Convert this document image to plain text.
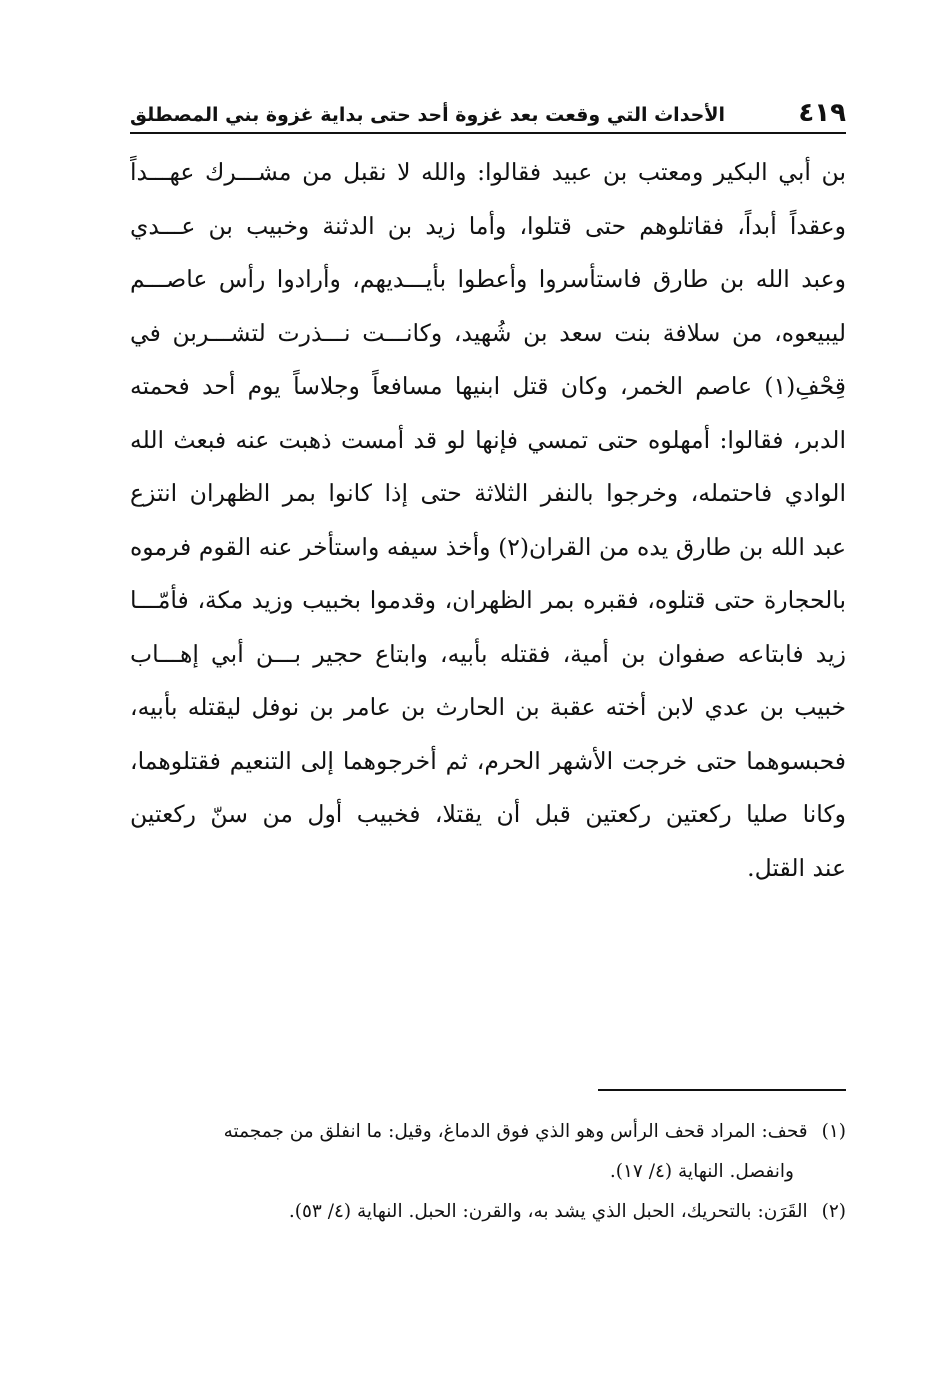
٤١٩
الأحداث التي وقعت بعد غزوة أحد حتى بداية غزوة بني المصطلق
بن أبي البكير ومعتب بن عبيد فقالوا: والله لا نقبل من مشـــرك عهـــداً
وعقداً أبداً، فقاتلوهم حتى قتلوا، وأما زيد بن الدثنة وخبيب بن عـــدي
وعبد الله بن طارق فاستأسروا وأعطوا بأيـــديهم، وأرادوا رأس عاصـــم
ليبيعوه، من سلافة بنت سعد بن شُهيد، وكانـــت نـــذرت لتشـــربن في
قِحْفِ(١) عاصم الخمر، وكان قتل ابنيها مسافعاً وجلاساً يوم أحد فحمته
الدبر، فقالوا: أمهلوه حتى تمسي فإنها لو قد أمست ذهبت عنه فبعث الله
الوادي فاحتمله، وخرجوا بالنفر الثلاثة حتى إذا كانوا بمر الظهران انتزع
عبد الله بن طارق يده من القران(٢) وأخذ سيفه واستأخر عنه القوم فرموه
بالحجارة حتى قتلوه، فقبره بمر الظهران، وقدموا بخبيب وزيد مكة، فأمّـــا
زيد فابتاعه صفوان بن أمية، فقتله بأبيه، وابتاع حجير بـــن أبي إهـــاب
خبيب بن عدي لابن أخته عقبة بن الحارث بن عامر بن نوفل ليقتله بأبيه،
فحبسوهما حتى خرجت الأشهر الحرم، ثم أخرجوهما إلى التنعيم فقتلوهما،
وكانا صليا ركعتين ركعتين قبل أن يقتلا، فخبيب أول من سنّ ركعتين
عند القتل.
(١)
قحف: المراد قحف الرأس وهو الذي فوق الدماغ، وقيل: ما انفلق من جمجمته
وانفصل. النهاية (٤/ ١٧).
(٢)
القَرَن: بالتحريك، الحبل الذي يشد به، والقرن: الحبل. النهاية (٤/ ٥٣).
